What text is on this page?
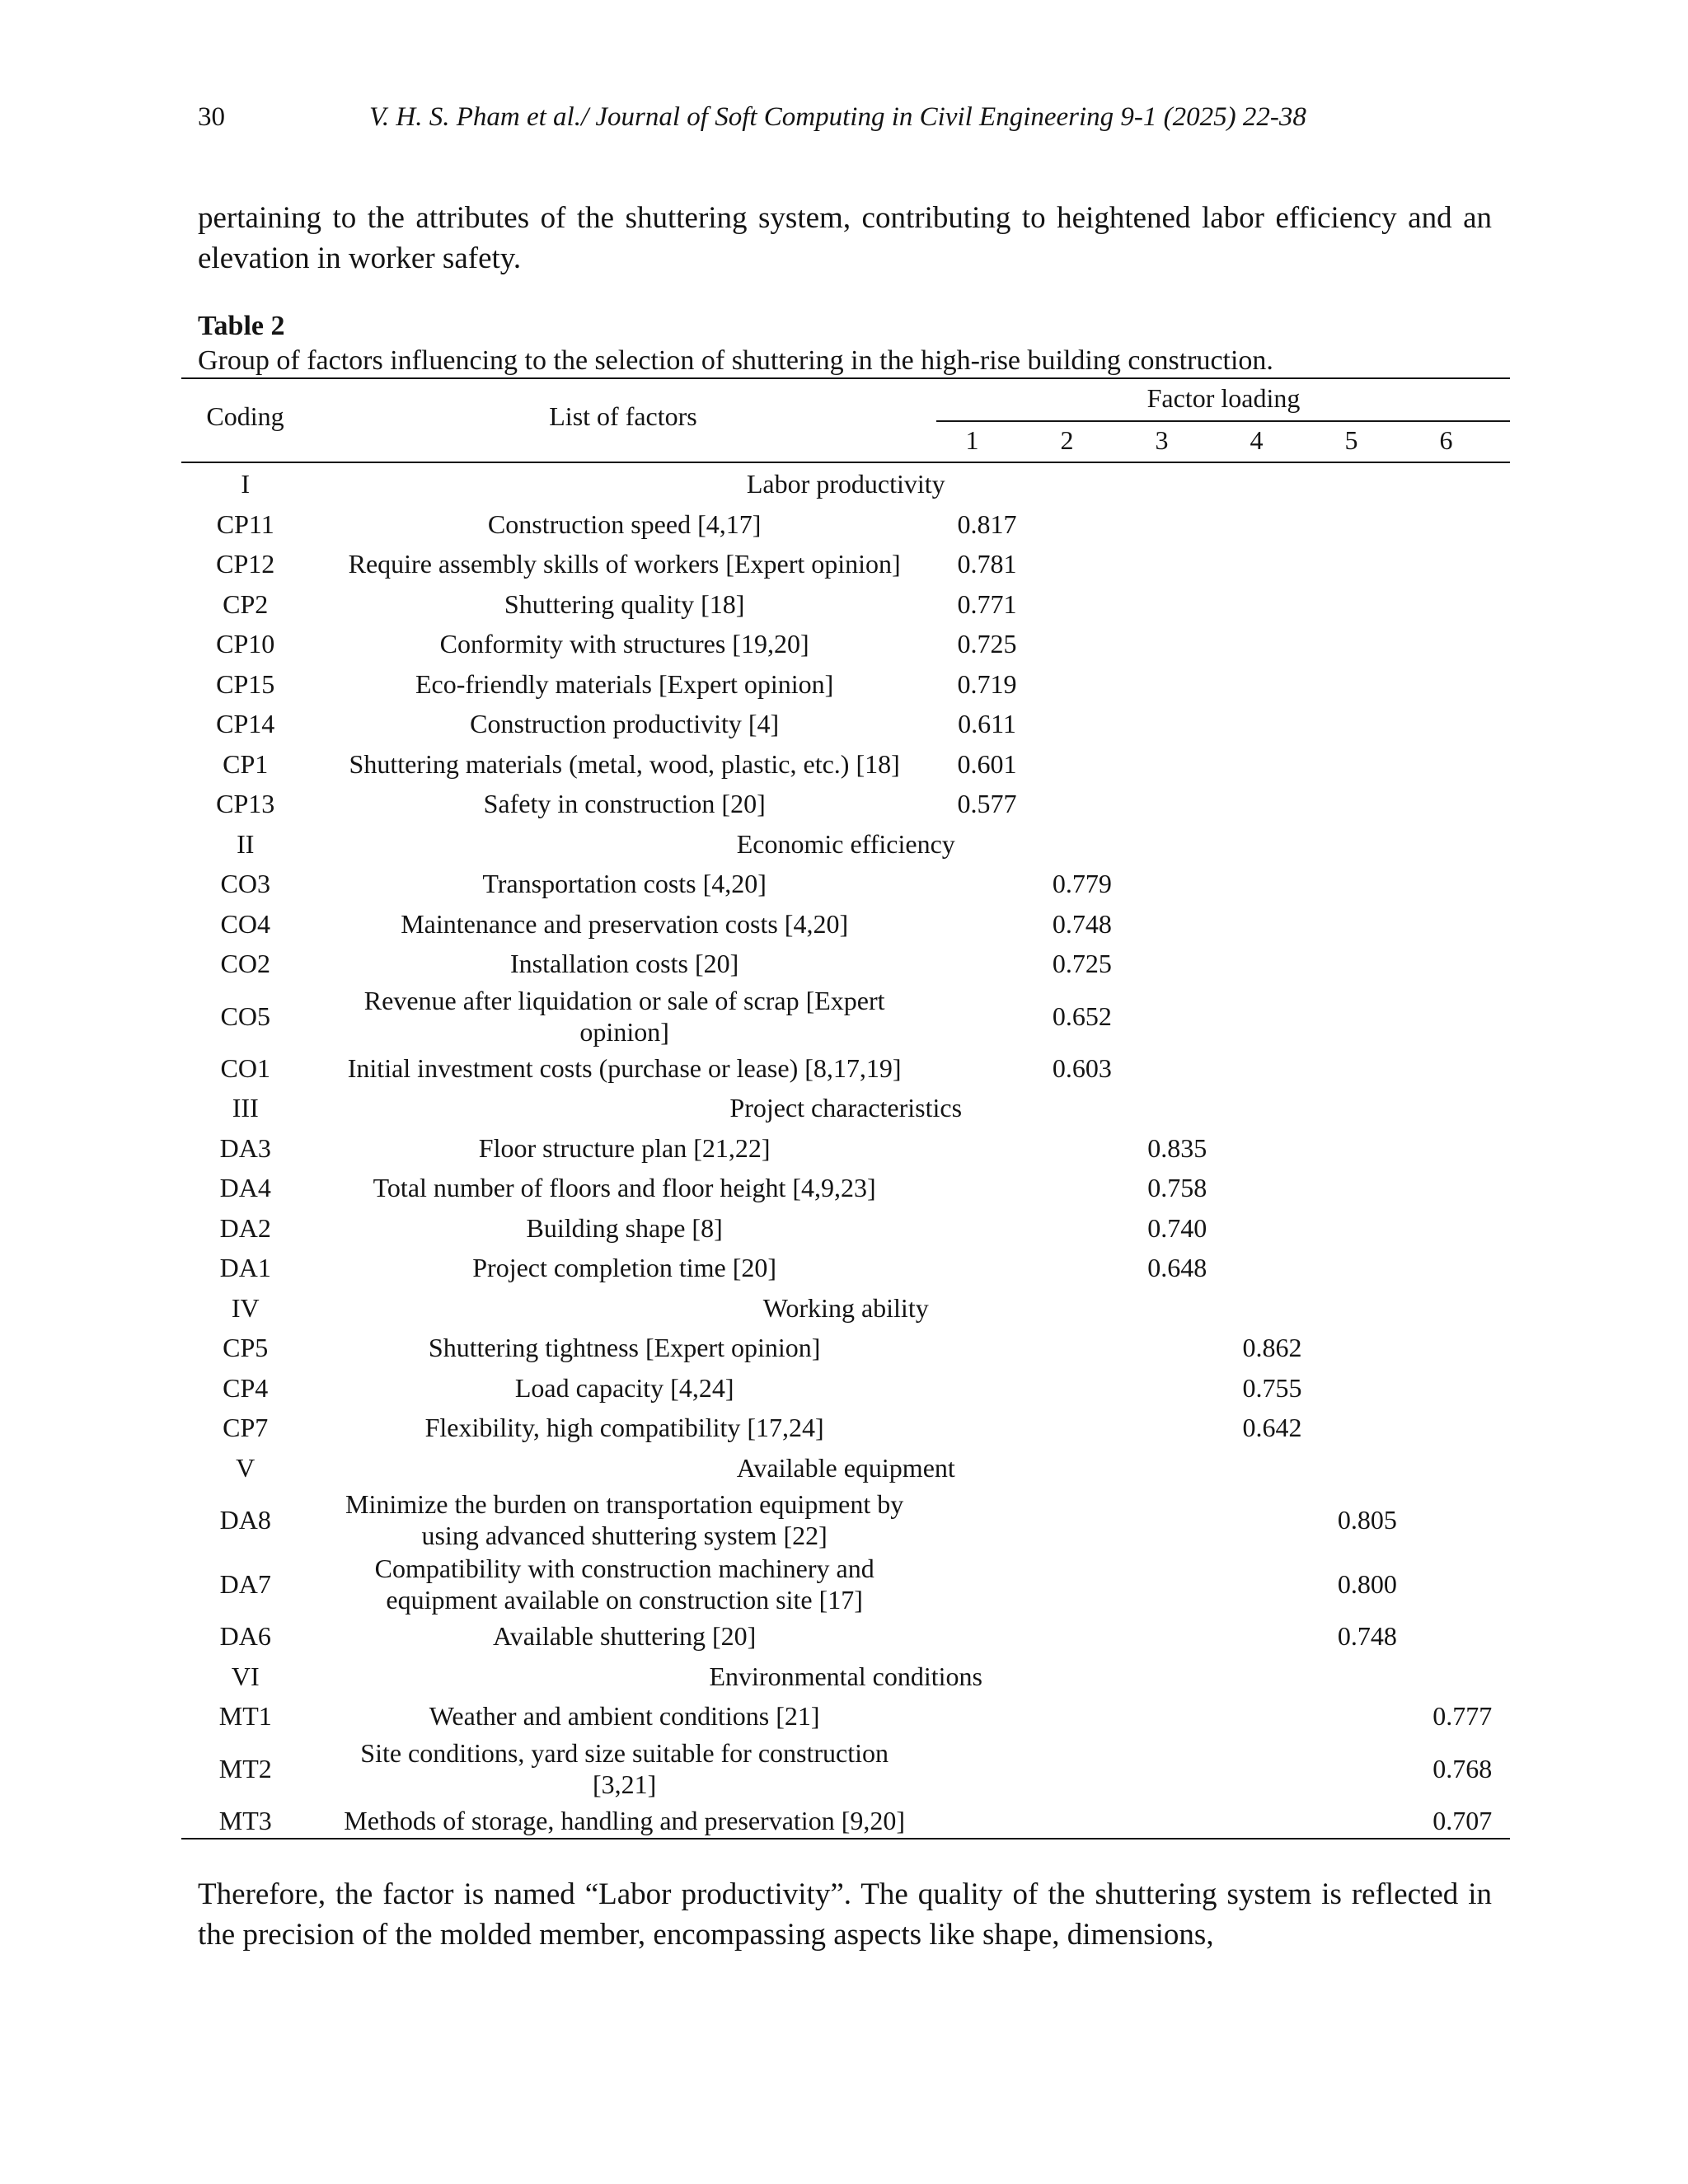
30	V. H. S. Pham et al./ Journal of Soft Computing in Civil Engineering 9-1 (2025) 22-38

pertaining to the attributes of the shuttering system, contributing to heightened labor efficiency and an elevation in worker safety.

Table 2
Group of factors influencing to the selection of shuttering in the high-rise building construction.
Coding	List of factors
Factor loading
1	2	3	4	5	6
I	Labor productivity						
CP11	Construction speed [4,17]	0.817					
CP12	Require assembly skills of workers [Expert opinion]	0.781					
CP2	Shuttering quality [18]	0.771					
CP10	Conformity with structures [19,20]	0.725					
CP15	Eco-friendly materials [Expert opinion]	0.719					
CP14	Construction productivity [4]	0.611					
CP1	Shuttering materials (metal, wood, plastic, etc.) [18]	0.601					
CP13	Safety in construction [20]	0.577					
II	Economic efficiency						
CO3	Transportation costs [4,20]		0.779				
CO4	Maintenance and preservation costs [4,20]		0.748				
CO2	Installation costs [20]		0.725				
CO5	Revenue after liquidation or sale of scrap [Expert opinion]		0.652				
CO1	Initial investment costs (purchase or lease) [8,17,19]		0.603				
III	Project characteristics						
DA3	Floor structure plan [21,22]			0.835			
DA4	Total number of floors and floor height [4,9,23]			0.758			
DA2	Building shape [8]			0.740			
DA1	Project completion time [20]			0.648			
IV	Working ability						
CP5	Shuttering tightness [Expert opinion]				0.862		
CP4	Load capacity [4,24]				0.755		
CP7	Flexibility, high compatibility [17,24]				0.642		
V	Available equipment						
DA8	Minimize the burden on transportation equipment by using advanced shuttering system [22]					0.805	
DA7	Compatibility with construction machinery and equipment available on construction site [17]					0.800	
DA6	Available shuttering [20]					0.748	
VI	Environmental conditions						
MT1	Weather and ambient conditions [21]						0.777
MT2	Site conditions, yard size suitable for construction [3,21]						0.768
MT3	Methods of storage, handling and preservation [9,20]						0.707

Therefore, the factor is named “Labor productivity”. The quality of the shuttering system is reflected in the precision of the molded member, encompassing aspects like shape, dimensions,
